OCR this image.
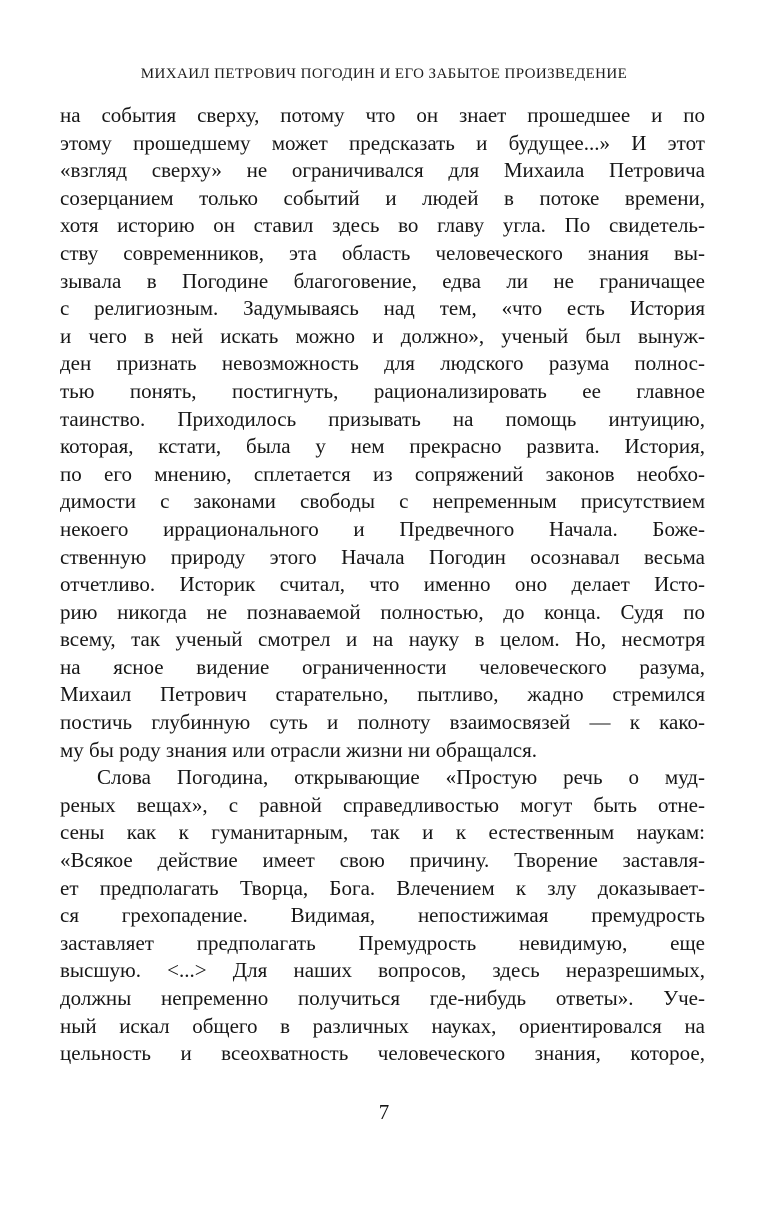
МИХАИЛ ПЕТРОВИЧ ПОГОДИН И ЕГО ЗАБЫТОЕ ПРОИЗВЕДЕНИЕ
на события сверху, потому что он знает прошедшее и по
этому прошедшему может предсказать и будущее...» И этот
«взгляд сверху» не ограничивался для Михаила Петровича
созерцанием только событий и людей в потоке времени,
хотя историю он ставил здесь во главу угла. По свидетель-
ству современников, эта область человеческого знания вы-
зывала в Погодине благоговение, едва ли не граничащее
с религиозным. Задумываясь над тем, «что есть История
и чего в ней искать можно и должно», ученый был вынуж-
ден признать невозможность для людского разума полнос-
тью понять, постигнуть, рационализировать ее главное
таинство. Приходилось призывать на помощь интуицию,
которая, кстати, была у нем прекрасно развита. История,
по его мнению, сплетается из сопряжений законов необхо-
димости с законами свободы с непременным присутствием
некоего иррационального и Предвечного Начала. Боже-
ственную природу этого Начала Погодин осознавал весьма
отчетливо. Историк считал, что именно оно делает Исто-
рию никогда не познаваемой полностью, до конца. Судя по
всему, так ученый смотрел и на науку в целом. Но, несмотря
на ясное видение ограниченности человеческого разума,
Михаил Петрович старательно, пытливо, жадно стремился
постичь глубинную суть и полноту взаимосвязей — к како-
му бы роду знания или отрасли жизни ни обращался.
Слова Погодина, открывающие «Простую речь о муд-
реных вещах», с равной справедливостью могут быть отне-
сены как к гуманитарным, так и к естественным наукам:
«Всякое действие имеет свою причину. Творение заставля-
ет предполагать Творца, Бога. Влечением к злу доказывает-
ся грехопадение. Видимая, непостижимая премудрость
заставляет предполагать Премудрость невидимую, еще
высшую. <...> Для наших вопросов, здесь неразрешимых,
должны непременно получиться где-нибудь ответы». Уче-
ный искал общего в различных науках, ориентировался на
цельность и всеохватность человеческого знания, которое,
7
